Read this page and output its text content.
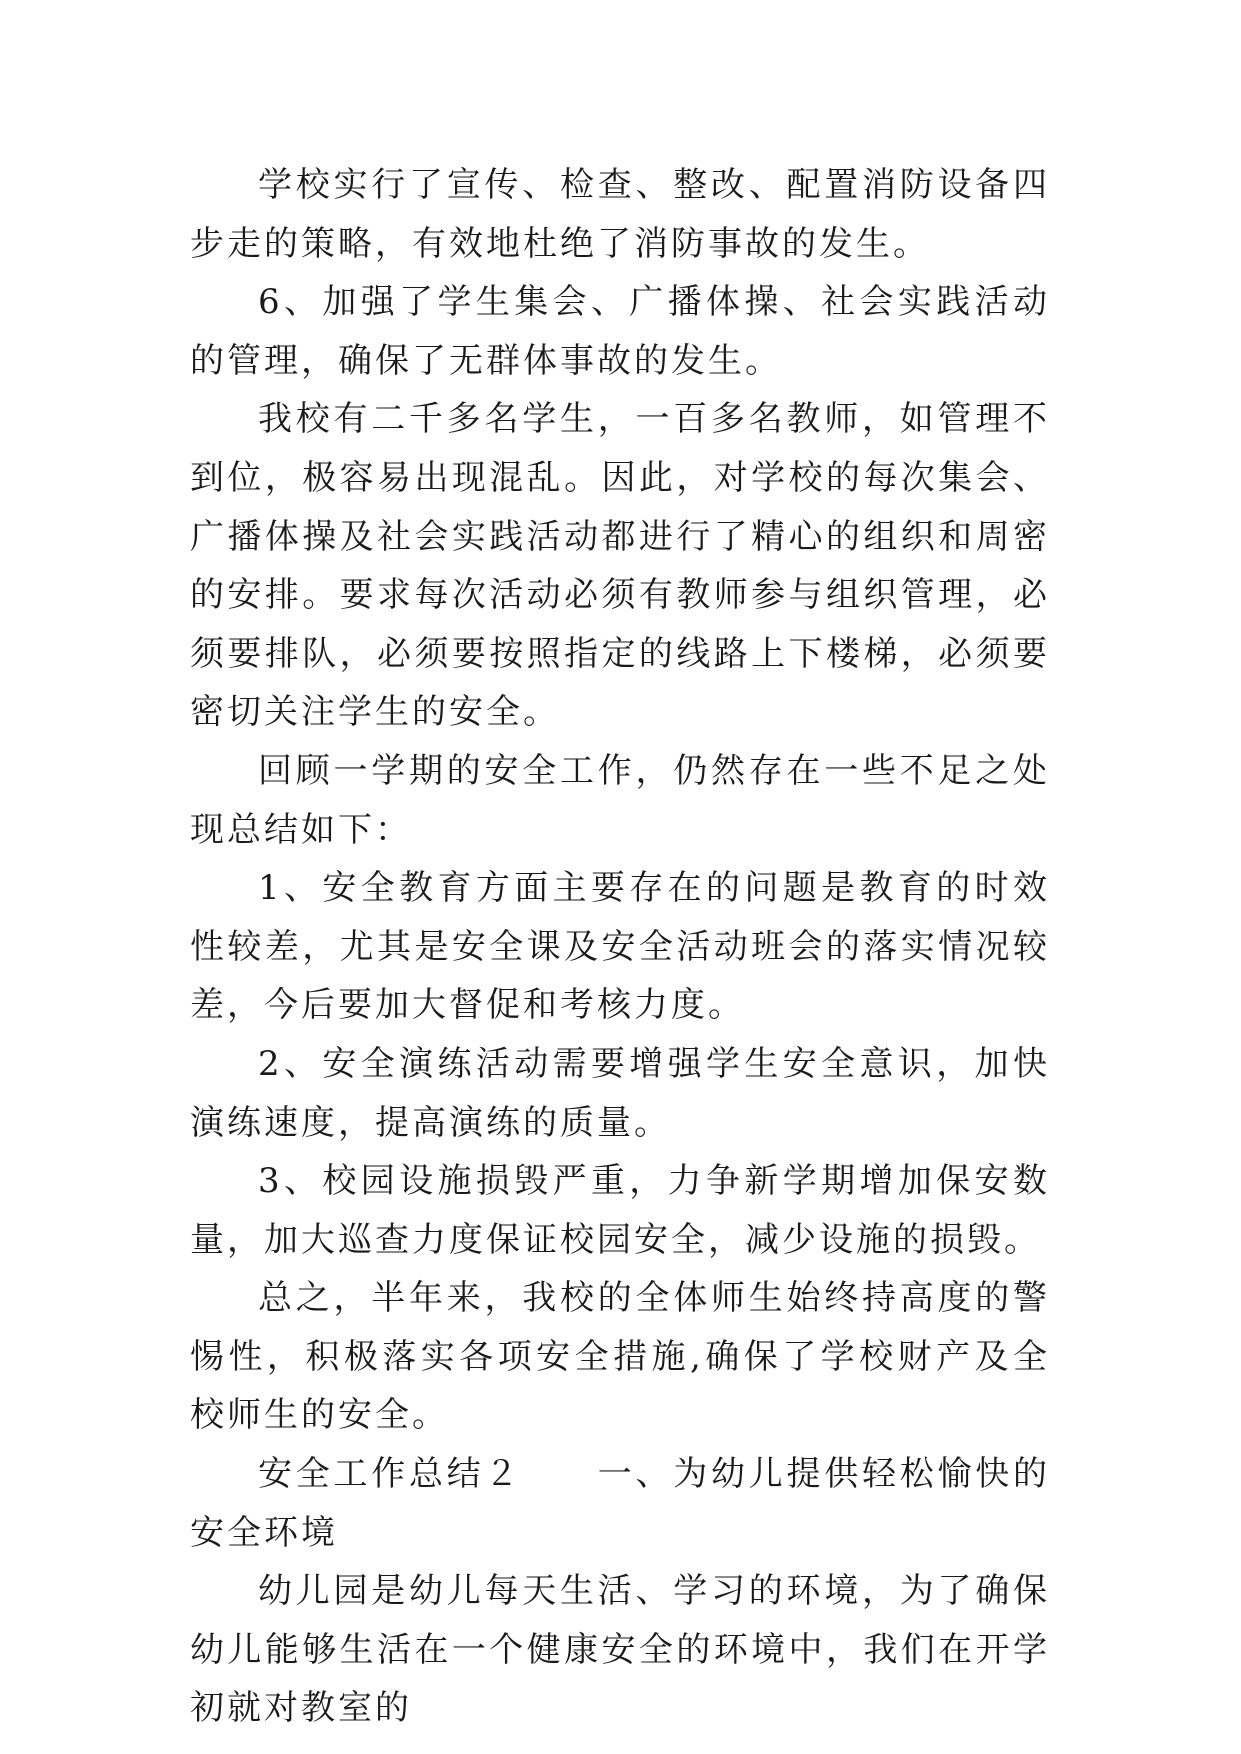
学校实行了宣传、检查、整改、配置消防设备四步走的策略，有效地杜绝了消防事故的发生。

6、加强了学生集会、广播体操、社会实践活动的管理，确保了无群体事故的发生。

我校有二千多名学生，一百多名教师，如管理不到位，极容易出现混乱。因此，对学校的每次集会、广播体操及社会实践活动都进行了精心的组织和周密的安排。要求每次活动必须有教师参与组织管理，必须要排队，必须要按照指定的线路上下楼梯，必须要密切关注学生的安全。

回顾一学期的安全工作，仍然存在一些不足之处现总结如下：

1、安全教育方面主要存在的问题是教育的时效性较差，尤其是安全课及安全活动班会的落实情况较差，今后要加大督促和考核力度。

2、安全演练活动需要增强学生安全意识，加快演练速度，提高演练的质量。

3、校园设施损毁严重，力争新学期增加保安数量，加大巡查力度保证校园安全，减少设施的损毁。

总之，半年来，我校的全体师生始终持高度的警惕性，积极落实各项安全措施,确保了学校财产及全校师生的安全。

安全工作总结２　　一、为幼儿提供轻松愉快的安全环境

幼儿园是幼儿每天生活、学习的环境，为了确保幼儿能够生活在一个健康安全的环境中，我们在开学初就对教室的
